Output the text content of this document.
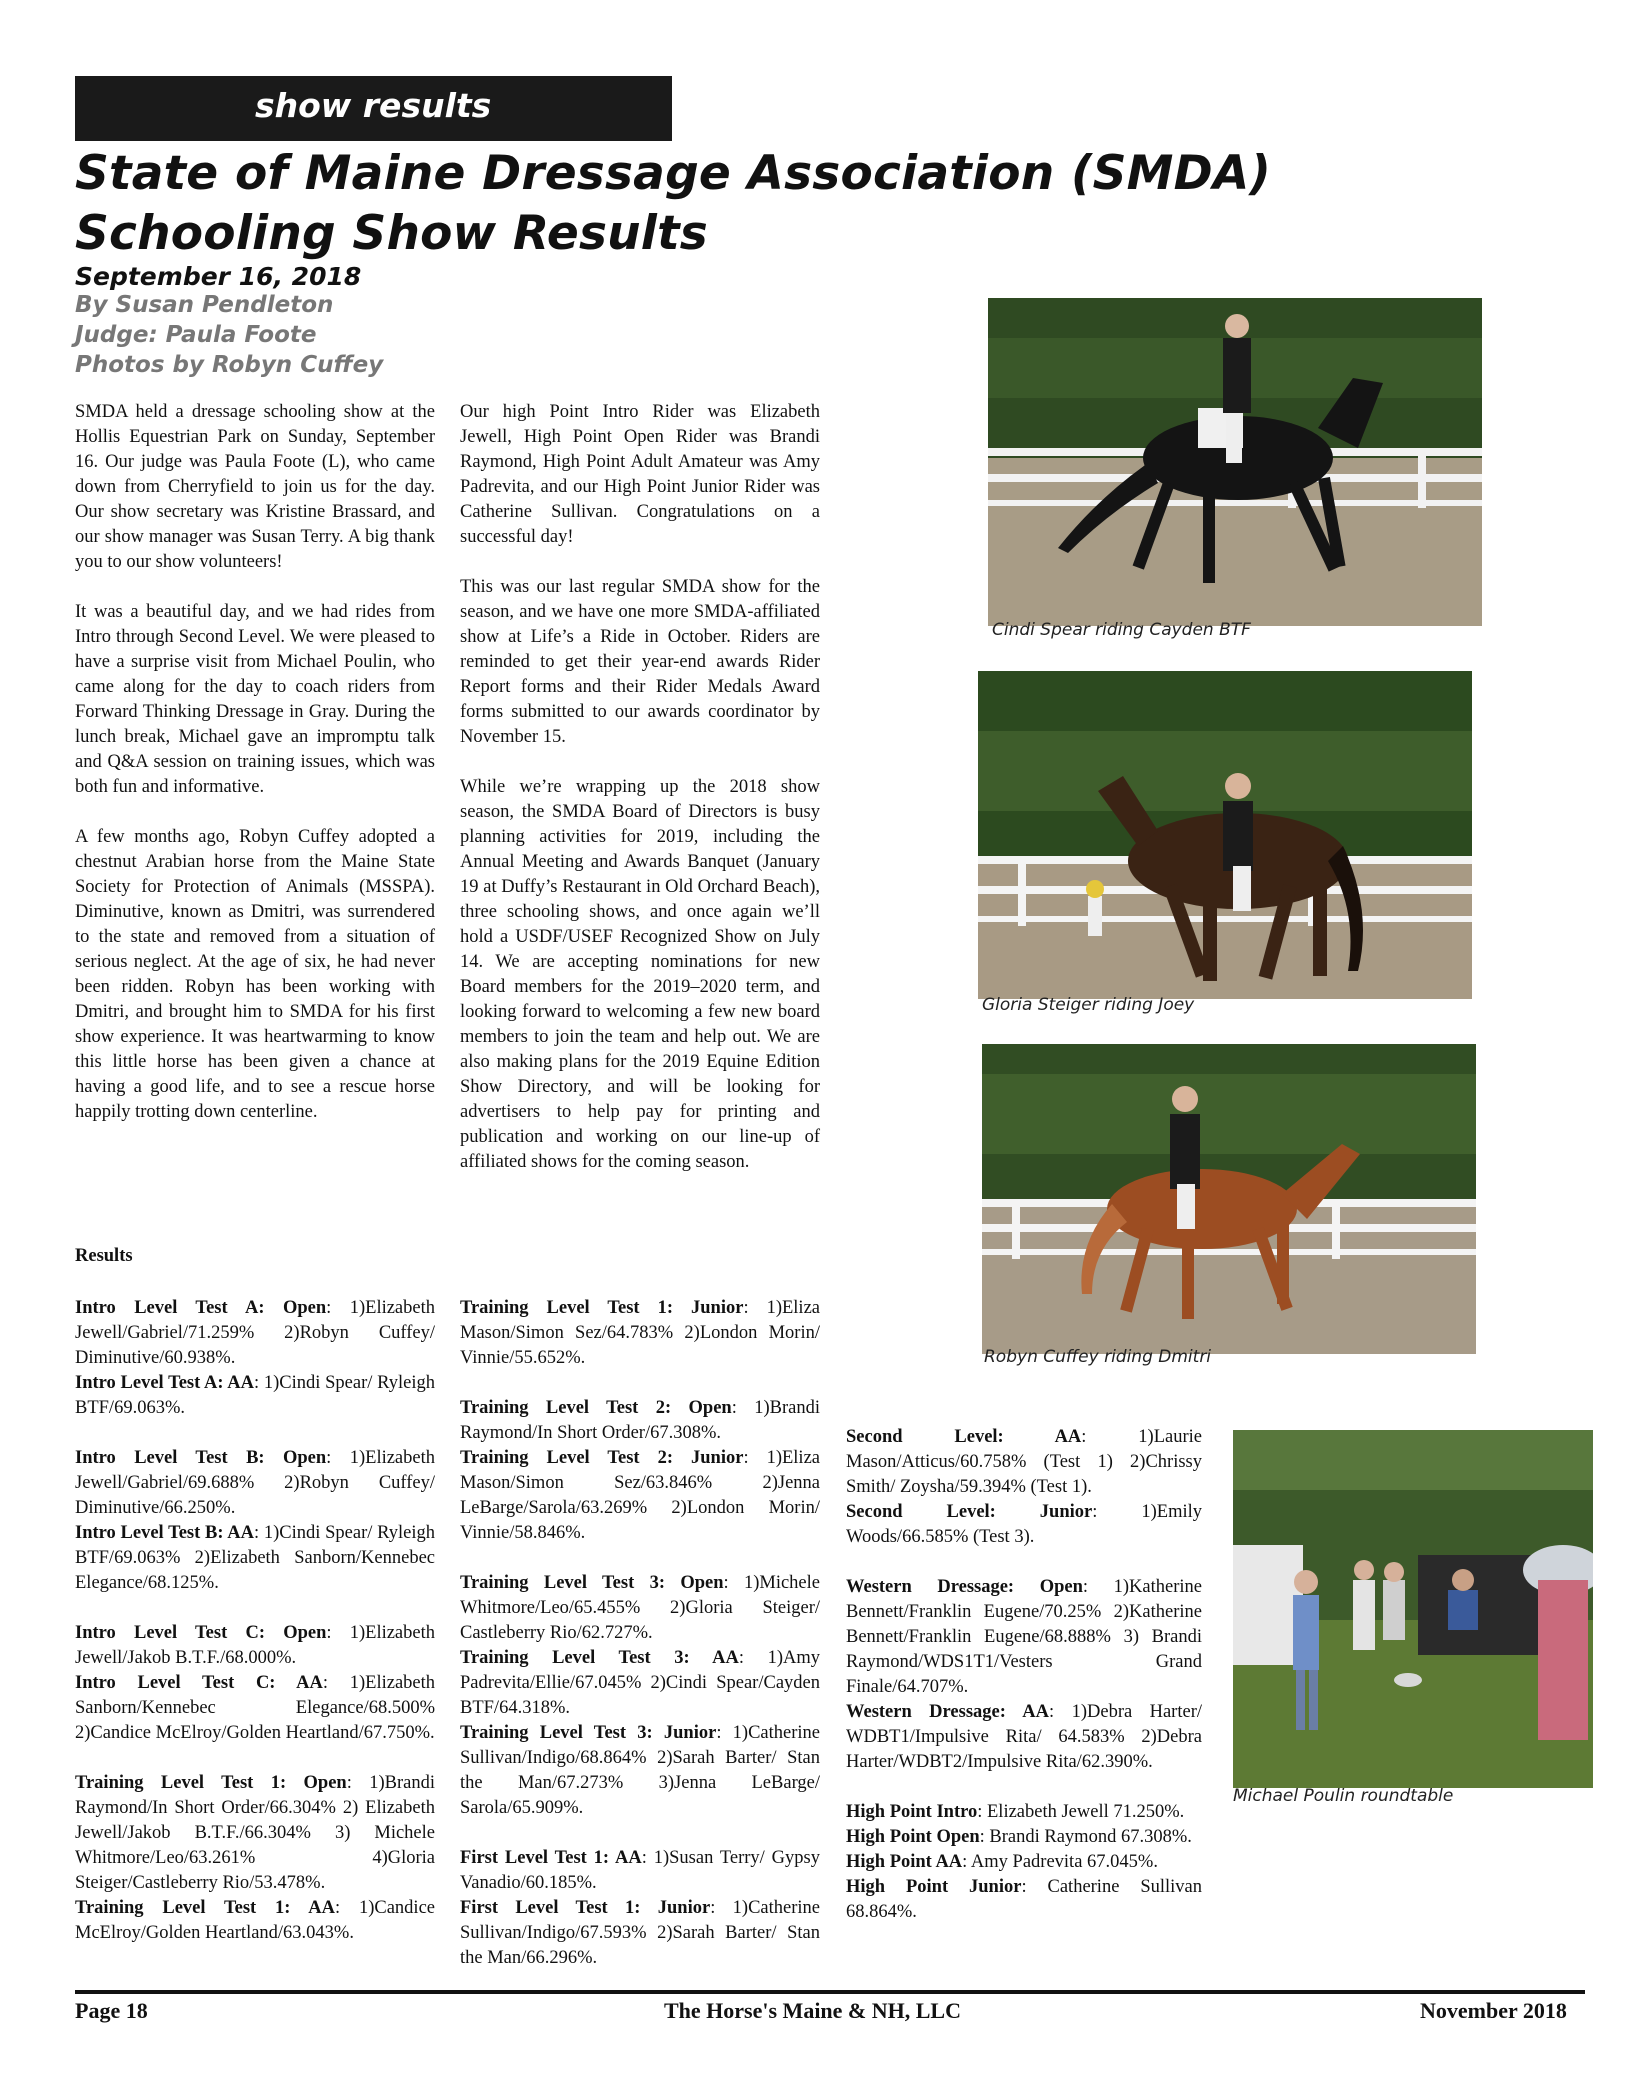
show results
State of Maine Dressage Association (SMDA) Schooling Show Results
September 16, 2018
By Susan Pendleton
Judge: Paula Foote
Photos by Robyn Cuffey

SMDA held a dressage schooling show at the Hollis Equestrian Park on Sunday, September 16. Our judge was Paula Foote (L), who came down from Cherryfield to join us for the day. Our show secretary was Kristine Brassard, and our show manager was Susan Terry. A big thank you to our show volunteers!

It was a beautiful day, and we had rides from Intro through Second Level. We were pleased to have a surprise visit from Michael Poulin, who came along for the day to coach riders from Forward Thinking Dressage in Gray. During the lunch break, Michael gave an impromptu talk and Q&A session on training issues, which was both fun and informative.

A few months ago, Robyn Cuffey adopted a chestnut Arabian horse from the Maine State Society for Protection of Animals (MSSPA). Diminutive, known as Dmitri, was surrendered to the state and removed from a situation of serious neglect. At the age of six, he had never been ridden. Robyn has been working with Dmitri, and brought him to SMDA for his first show experience. It was heartwarming to know this little horse has been given a chance at having a good life, and to see a rescue horse happily trotting down centerline.

Our high Point Intro Rider was Elizabeth Jewell, High Point Open Rider was Brandi Raymond, High Point Adult Amateur was Amy Padrevita, and our High Point Junior Rider was Catherine Sullivan. Congratulations on a successful day!

This was our last regular SMDA show for the season, and we have one more SMDA-affiliated show at Life’s a Ride in October. Riders are reminded to get their year-end awards Rider Report forms and their Rider Medals Award forms submitted to our awards coordinator by November 15.

While we’re wrapping up the 2018 show season, the SMDA Board of Directors is busy planning activities for 2019, including the Annual Meeting and Awards Banquet (January 19 at Duffy’s Restaurant in Old Orchard Beach), three schooling shows, and once again we’ll hold a USDF/USEF Recognized Show on July 14. We are accepting nominations for new Board members for the 2019–2020 term, and looking forward to welcoming a few new board members to join the team and help out. We are also making plans for the 2019 Equine Edition Show Directory, and will be looking for advertisers to help pay for printing and publication and working on our line-up of affiliated shows for the coming season.

Results
Intro Level Test A: Open: 1)Elizabeth Jewell/Gabriel/71.259% 2)Robyn Cuffey/ Diminutive/60.938%.
Intro Level Test A: AA: 1)Cindi Spear/ Ryleigh BTF/69.063%.
Intro Level Test B: Open: 1)Elizabeth Jewell/Gabriel/69.688% 2)Robyn Cuffey/ Diminutive/66.250%.
Intro Level Test B: AA: 1)Cindi Spear/ Ryleigh BTF/69.063% 2)Elizabeth Sanborn/Kennebec Elegance/68.125%.
Intro Level Test C: Open: 1)Elizabeth Jewell/Jakob B.T.F./68.000%.
Intro Level Test C: AA: 1)Elizabeth Sanborn/Kennebec Elegance/68.500% 2)Candice McElroy/Golden Heartland/67.750%.
Training Level Test 1: Open: 1)Brandi Raymond/In Short Order/66.304% 2) Elizabeth Jewell/Jakob B.T.F./66.304% 3) Michele Whitmore/Leo/63.261% 4)Gloria Steiger/Castleberry Rio/53.478%.
Training Level Test 1: AA: 1)Candice McElroy/Golden Heartland/63.043%.
Training Level Test 1: Junior: 1)Eliza Mason/Simon Sez/64.783% 2)London Morin/ Vinnie/55.652%.
Training Level Test 2: Open: 1)Brandi Raymond/In Short Order/67.308%.
Training Level Test 2: Junior: 1)Eliza Mason/Simon Sez/63.846% 2)Jenna LeBarge/Sarola/63.269% 2)London Morin/ Vinnie/58.846%.
Training Level Test 3: Open: 1)Michele Whitmore/Leo/65.455% 2)Gloria Steiger/ Castleberry Rio/62.727%.
Training Level Test 3: AA: 1)Amy Padrevita/Ellie/67.045% 2)Cindi Spear/Cayden BTF/64.318%.
Training Level Test 3: Junior: 1)Catherine Sullivan/Indigo/68.864% 2)Sarah Barter/ Stan the Man/67.273% 3)Jenna LeBarge/ Sarola/65.909%.
First Level Test 1: AA: 1)Susan Terry/ Gypsy Vanadio/60.185%.
First Level Test 1: Junior: 1)Catherine Sullivan/Indigo/67.593% 2)Sarah Barter/ Stan the Man/66.296%.
Second Level: AA: 1)Laurie Mason/Atticus/60.758% (Test 1) 2)Chrissy Smith/ Zoysha/59.394% (Test 1).
Second Level: Junior: 1)Emily Woods/66.585% (Test 3).
Western Dressage: Open: 1)Katherine Bennett/Franklin Eugene/70.25% 2)Katherine Bennett/Franklin Eugene/68.888% 3) Brandi Raymond/WDS1T1/Vesters Grand Finale/64.707%.
Western Dressage: AA: 1)Debra Harter/ WDBT1/Impulsive Rita/ 64.583% 2)Debra Harter/WDBT2/Impulsive Rita/62.390%.
High Point Intro: Elizabeth Jewell 71.250%.
High Point Open: Brandi Raymond 67.308%.
High Point AA: Amy Padrevita 67.045%.
High Point Junior: Catherine Sullivan 68.864%.
Cindi Spear riding Cayden BTF
Gloria Steiger riding Joey
Robyn Cuffey riding Dmitri
Michael Poulin roundtable
Page 18	The Horse's Maine & NH, LLC	November 2018
